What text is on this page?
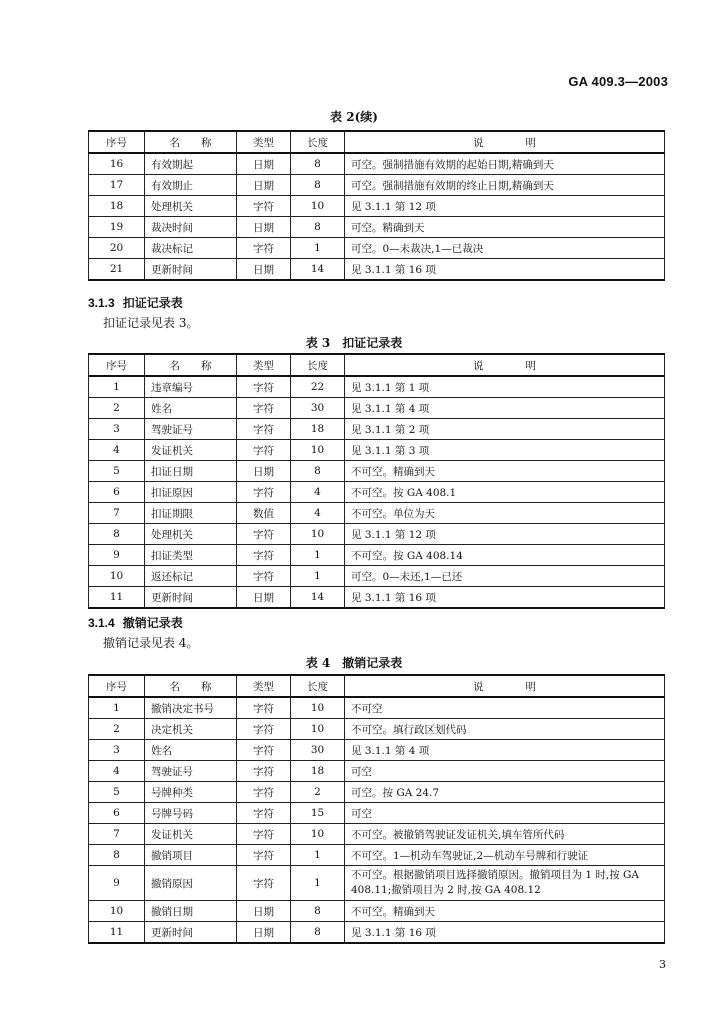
GA 409.3—2003
表 2(续)
序号	名　　称	类型	长度	说　　　　明
16	有效期起	日期	8	可空。强制措施有效期的起始日期,精确到天
17	有效期止	日期	8	可空。强制措施有效期的终止日期,精确到天
18	处理机关	字符	10	见 3.1.1 第 12 项
19	裁决时间	日期	8	可空。精确到天
20	裁决标记	字符	1	可空。0—未裁决,1—已裁决
21	更新时间	日期	14	见 3.1.1 第 16 项
3.1.3 扣证记录表
扣证记录见表 3。
表 3　扣证记录表
序号	名　　称	类型	长度	说　　　　明
1	违章编号	字符	22	见 3.1.1 第 1 项
2	姓名	字符	30	见 3.1.1 第 4 项
3	驾驶证号	字符	18	见 3.1.1 第 2 项
4	发证机关	字符	10	见 3.1.1 第 3 项
5	扣证日期	日期	8	不可空。精确到天
6	扣证原因	字符	4	不可空。按 GA 408.1
7	扣证期限	数值	4	不可空。单位为天
8	处理机关	字符	10	见 3.1.1 第 12 项
9	扣证类型	字符	1	不可空。按 GA 408.14
10	返还标记	字符	1	可空。0—未还,1—已还
11	更新时间	日期	14	见 3.1.1 第 16 项
3.1.4 撤销记录表
撤销记录见表 4。
表 4　撤销记录表
序号	名　　称	类型	长度	说　　　　明
1	撤销决定书号	字符	10	不可空
2	决定机关	字符	10	不可空。填行政区划代码
3	姓名	字符	30	见 3.1.1 第 4 项
4	驾驶证号	字符	18	可空
5	号牌种类	字符	2	可空。按 GA 24.7
6	号牌号码	字符	15	可空
7	发证机关	字符	10	不可空。被撤销驾驶证发证机关,填车管所代码
8	撤销项目	字符	1	不可空。1—机动车驾驶证,2—机动车号牌和行驶证
9	撤销原因	字符	1	不可空。根据撤销项目选择撤销原因。撤销项目为 1 时,按 GA 408.11;撤销项目为 2 时,按 GA 408.12
10	撤销日期	日期	8	不可空。精确到天
11	更新时间	日期	8	见 3.1.1 第 16 项
3
